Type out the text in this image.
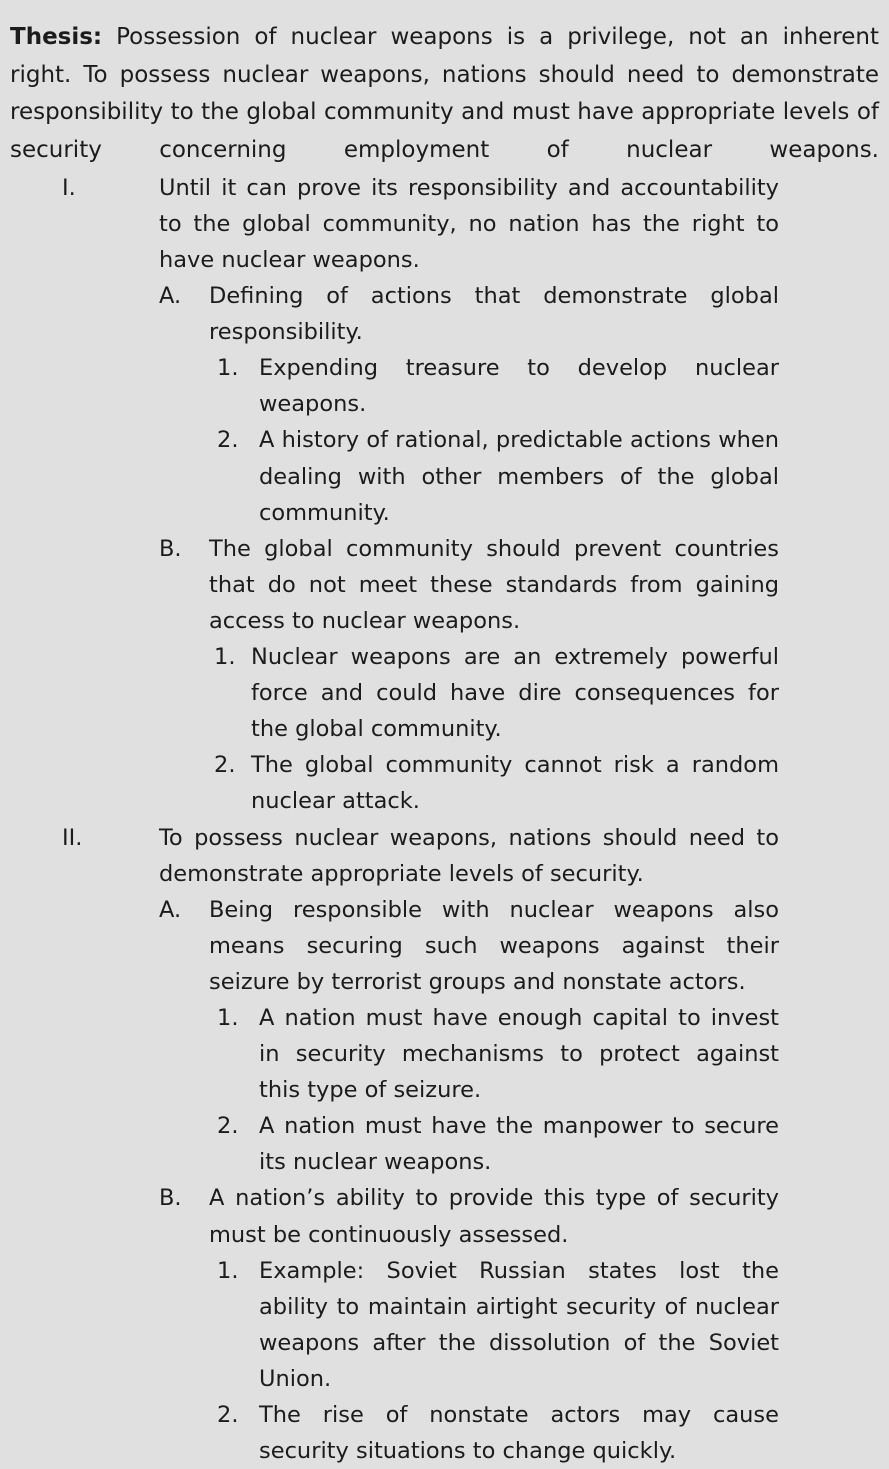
Thesis: Possession of nuclear weapons is a privilege, not an inherent right. To possess nuclear weapons, nations should need to demonstrate responsibility to the global community and must have appropriate levels of security concerning employment of nuclear weapons.

I.	Until it can prove its responsibility and accountability to the global community, no nation has the right to have nuclear weapons.
A. Defining of actions that demonstrate global responsibility.
1. Expending treasure to develop nuclear weapons.
2. A history of rational, predictable actions when dealing with other members of the global community.
B. The global community should prevent countries that do not meet these standards from gaining access to nuclear weapons.
1. Nuclear weapons are an extremely powerful force and could have dire consequences for the global community.
2. The global community cannot risk a random nuclear attack.
II.	To possess nuclear weapons, nations should need to demonstrate appropriate levels of security.
A. Being responsible with nuclear weapons also means securing such weapons against their seizure by terrorist groups and nonstate actors.
1. A nation must have enough capital to invest in security mechanisms to protect against this type of seizure.
2. A nation must have the manpower to secure its nuclear weapons.
B. A nation’s ability to provide this type of security must be continuously assessed.
1. Example: Soviet Russian states lost the ability to maintain airtight security of nuclear weapons after the dissolution of the Soviet Union.
2. The rise of nonstate actors may cause security situations to change quickly.
